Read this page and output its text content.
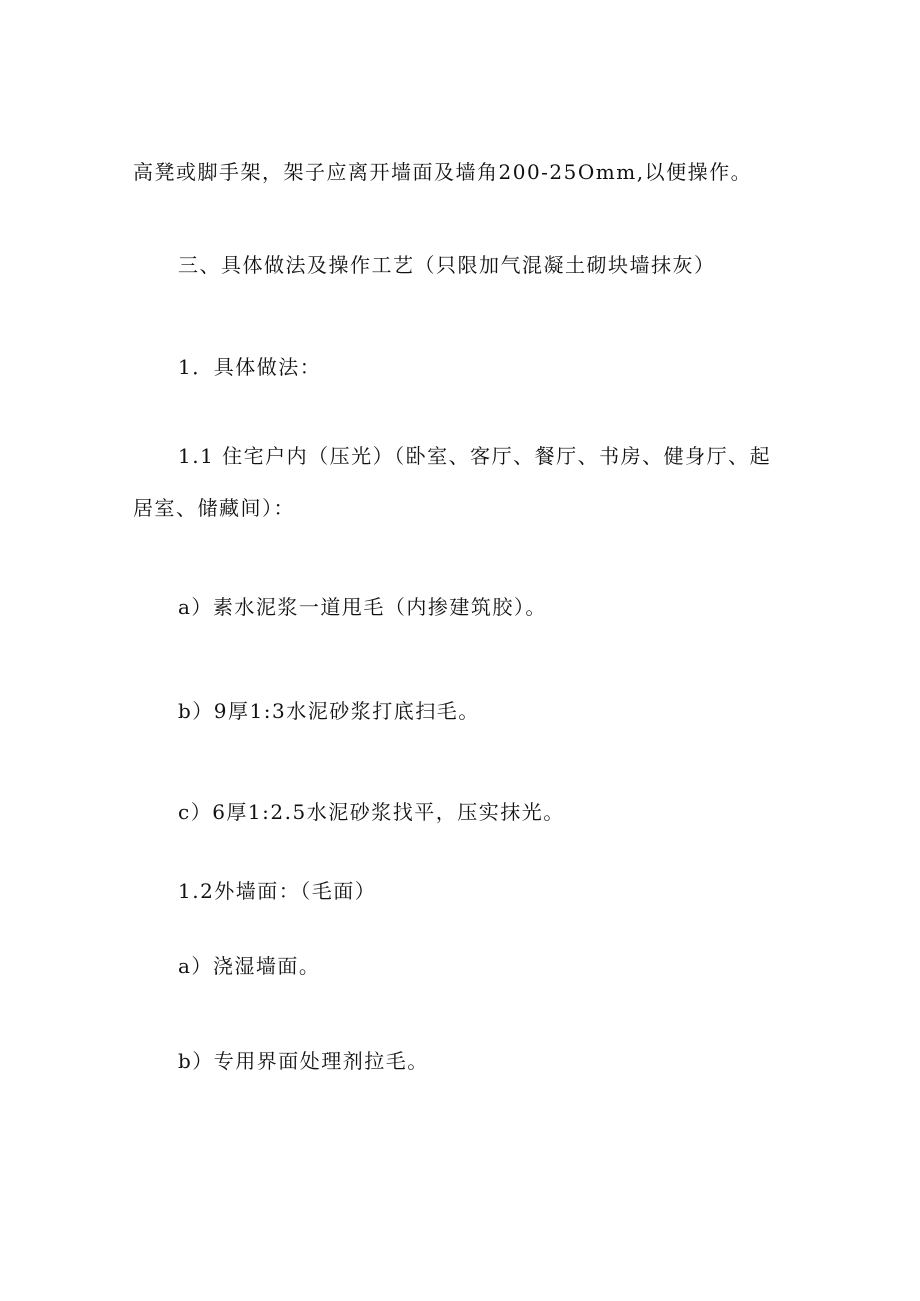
高凳或脚手架，架子应离开墙面及墙角200-25Omm,以便操作。
三、具体做法及操作工艺（只限加气混凝土砌块墙抹灰）
1．具体做法：
1.1 住宅户内（压光）（卧室、客厅、餐厅、书房、健身厅、起
居室、储藏间）：
a）素水泥浆一道甩毛（内掺建筑胶）。
b）9厚1:3水泥砂浆打底扫毛。
c）6厚1:2.5水泥砂浆找平，压实抹光。
1.2外墙面：（毛面）
a）浇湿墙面。
b）专用界面处理剂拉毛。
